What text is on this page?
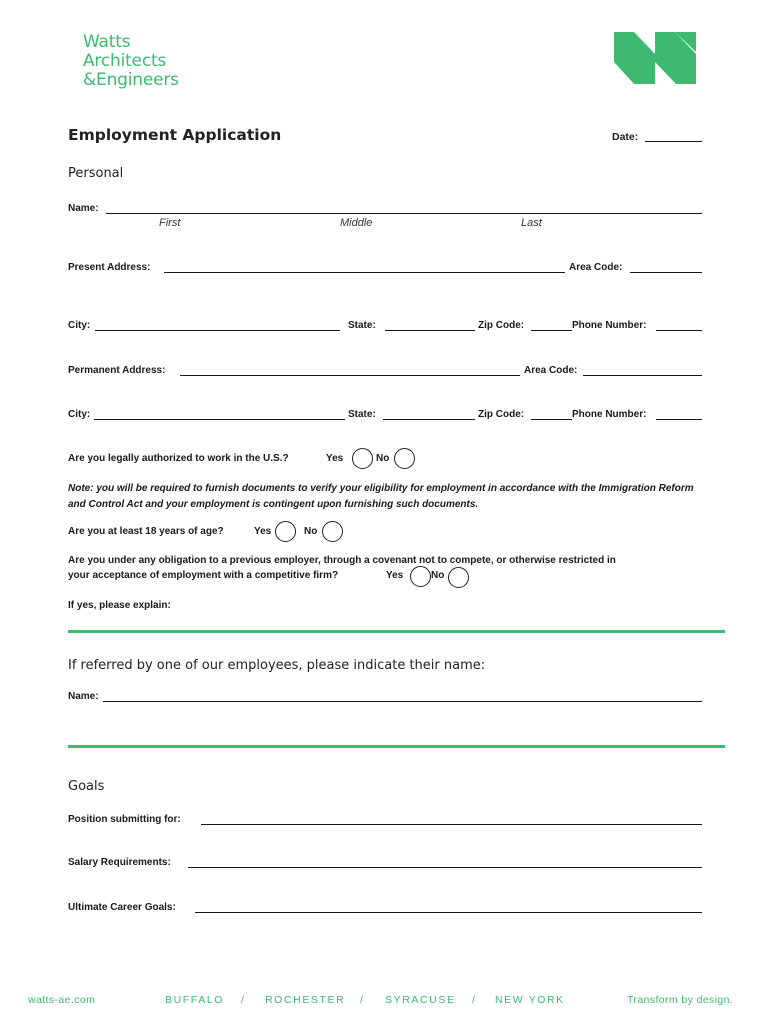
Watts
Architects
&Engineers
Employment Application	Date:
Personal
Name:
First	Middle	Last
Present Address:	Area Code:
City:	State:	Zip Code:	Phone Number:
Permanent Address:	Area Code:
City:	State:	Zip Code:	Phone Number:
Are you legally authorized to work in the U.S.?	Yes	No
Note: you will be required to furnish documents to verify your eligibility for employment in accordance with the Immigration Reform and Control Act and your employment is contingent upon furnishing such documents.
Are you at least 18 years of age?	Yes	No
Are you under any obligation to a previous employer, through a covenant not to compete, or otherwise restricted in
your acceptance of employment with a competitive firm?	Yes	No
If yes, please explain:
If referred by one of our employees, please indicate their name:
Name:
Goals
Position submitting for:
Salary Requirements:
Ultimate Career Goals:
watts-ae.com	BUFFALO / ROCHESTER / SYRACUSE / NEW YORK	Transform by design.
